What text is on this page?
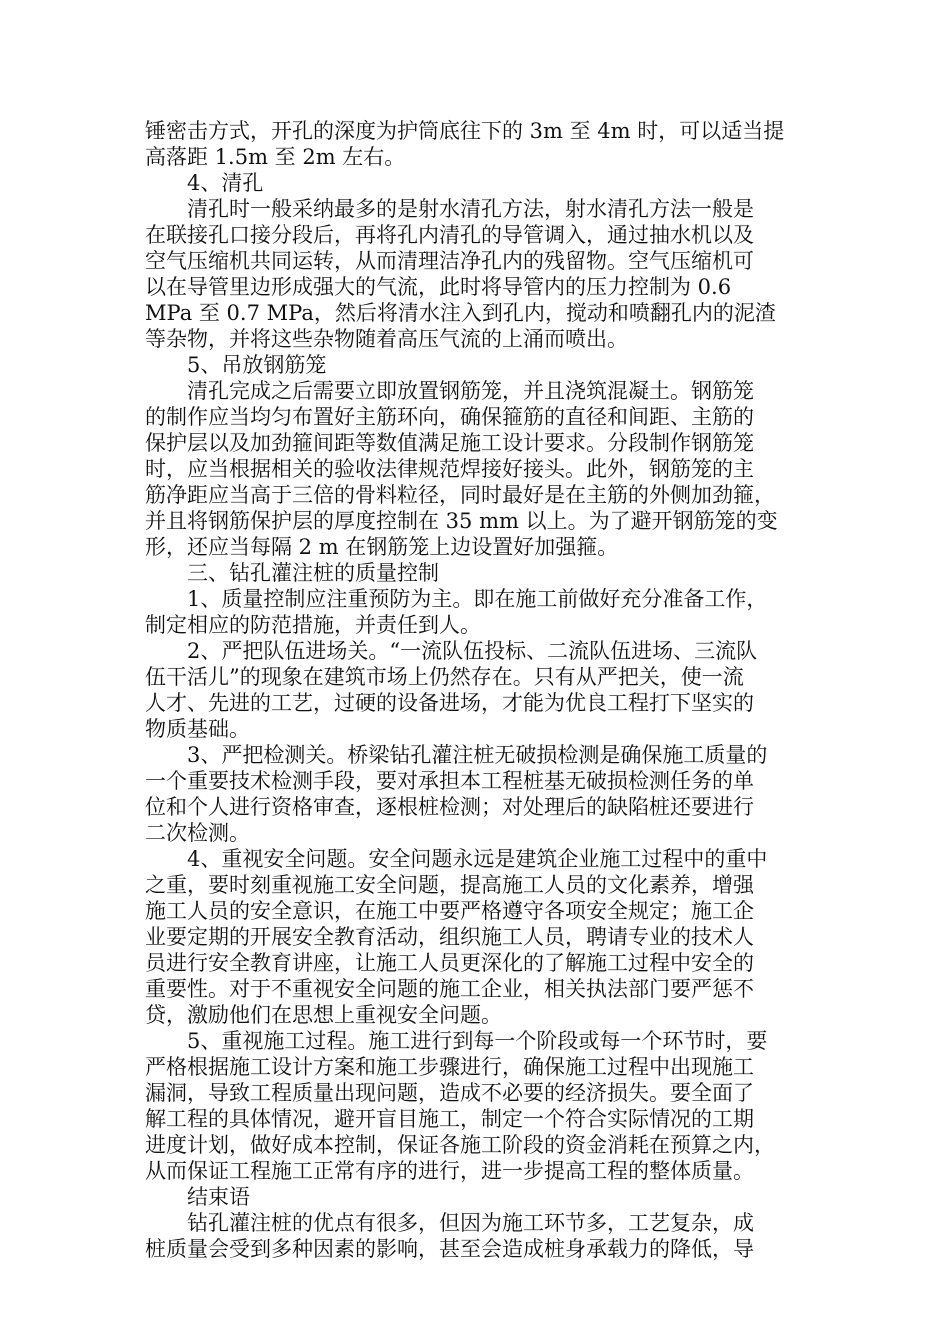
锤密击方式，开孔的深度为护筒底往下的 3m 至 4m 时，可以适当提
高落距 1.5m 至 2m 左右。
4、清孔
清孔时一般采纳最多的是射水清孔方法，射水清孔方法一般是
在联接孔口接分段后，再将孔内清孔的导管调入，通过抽水机以及
空气压缩机共同运转，从而清理洁净孔内的残留物。空气压缩机可
以在导管里边形成强大的气流，此时将导管内的压力控制为 0.6
MPa 至 0.7 MPa，然后将清水注入到孔内，搅动和喷翻孔内的泥渣
等杂物，并将这些杂物随着高压气流的上涌而喷出。
5、吊放钢筋笼
清孔完成之后需要立即放置钢筋笼，并且浇筑混凝土。钢筋笼
的制作应当均匀布置好主筋环向，确保箍筋的直径和间距、主筋的
保护层以及加劲箍间距等数值满足施工设计要求。分段制作钢筋笼
时，应当根据相关的验收法律规范焊接好接头。此外，钢筋笼的主
筋净距应当高于三倍的骨料粒径，同时最好是在主筋的外侧加劲箍，
并且将钢筋保护层的厚度控制在 35 mm 以上。为了避开钢筋笼的变
形，还应当每隔 2 m 在钢筋笼上边设置好加强箍。
三、钻孔灌注桩的质量控制
1、质量控制应注重预防为主。即在施工前做好充分准备工作，
制定相应的防范措施，并责任到人。
2、严把队伍进场关。“一流队伍投标、二流队伍进场、三流队
伍干活儿”的现象在建筑市场上仍然存在。只有从严把关，使一流
人才、先进的工艺，过硬的设备进场，才能为优良工程打下坚实的
物质基础。
3、严把检测关。桥梁钻孔灌注桩无破损检测是确保施工质量的
一个重要技术检测手段，要对承担本工程桩基无破损检测任务的单
位和个人进行资格审查，逐根桩检测；对处理后的缺陷桩还要进行
二次检测。
4、重视安全问题。安全问题永远是建筑企业施工过程中的重中
之重，要时刻重视施工安全问题，提高施工人员的文化素养，增强
施工人员的安全意识，在施工中要严格遵守各项安全规定；施工企
业要定期的开展安全教育活动，组织施工人员，聘请专业的技术人
员进行安全教育讲座，让施工人员更深化的了解施工过程中安全的
重要性。对于不重视安全问题的施工企业，相关执法部门要严惩不
贷，激励他们在思想上重视安全问题。
5、重视施工过程。施工进行到每一个阶段或每一个环节时，要
严格根据施工设计方案和施工步骤进行，确保施工过程中出现施工
漏洞，导致工程质量出现问题，造成不必要的经济损失。要全面了
解工程的具体情况，避开盲目施工，制定一个符合实际情况的工期
进度计划，做好成本控制，保证各施工阶段的资金消耗在预算之内，
从而保证工程施工正常有序的进行，进一步提高工程的整体质量。
结束语
钻孔灌注桩的优点有很多，但因为施工环节多，工艺复杂，成
桩质量会受到多种因素的影响，甚至会造成桩身承载力的降低，导
